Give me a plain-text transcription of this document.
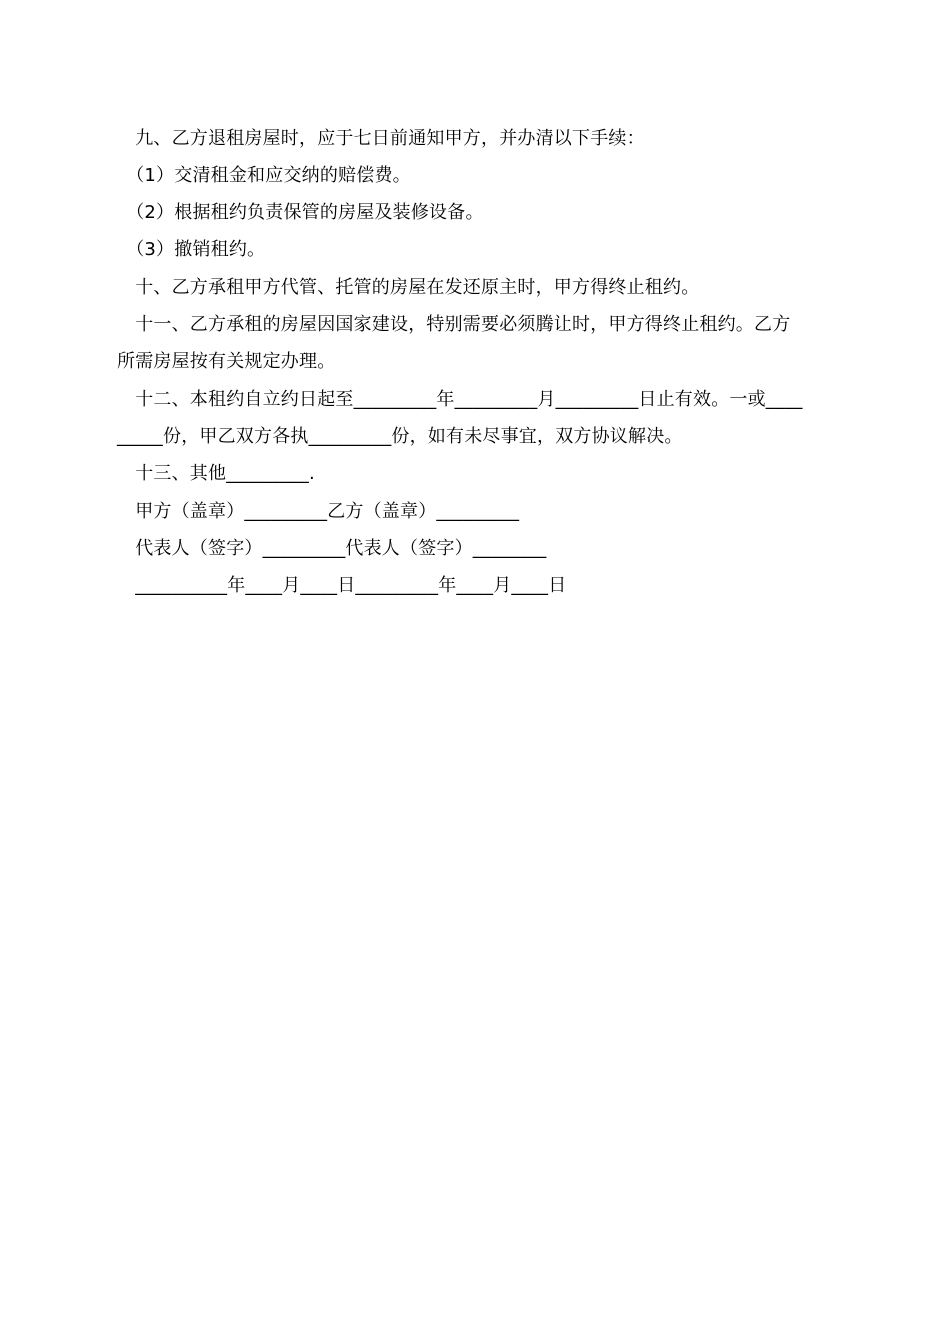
　九、乙方退租房屋时，应于七日前通知甲方，并办清以下手续：
　（1）交清租金和应交纳的赔偿费。
　（2）根据租约负责保管的房屋及装修设备。
　（3）撤销租约。
　十、乙方承租甲方代管、托管的房屋在发还原主时，甲方得终止租约。
　十一、乙方承租的房屋因国家建设，特别需要必须腾让时，甲方得终止租约。乙方
所需房屋按有关规定办理。
　十二、本租约自立约日起至_________年_________月_________日止有效。一或____
_____份，甲乙双方各执_________份，如有未尽事宜，双方协议解决。
　十三、其他_________.
　甲方（盖章）_________乙方（盖章）_________
　代表人（签字）_________代表人（签字）________
　__________年____月____日_________年____月____日
